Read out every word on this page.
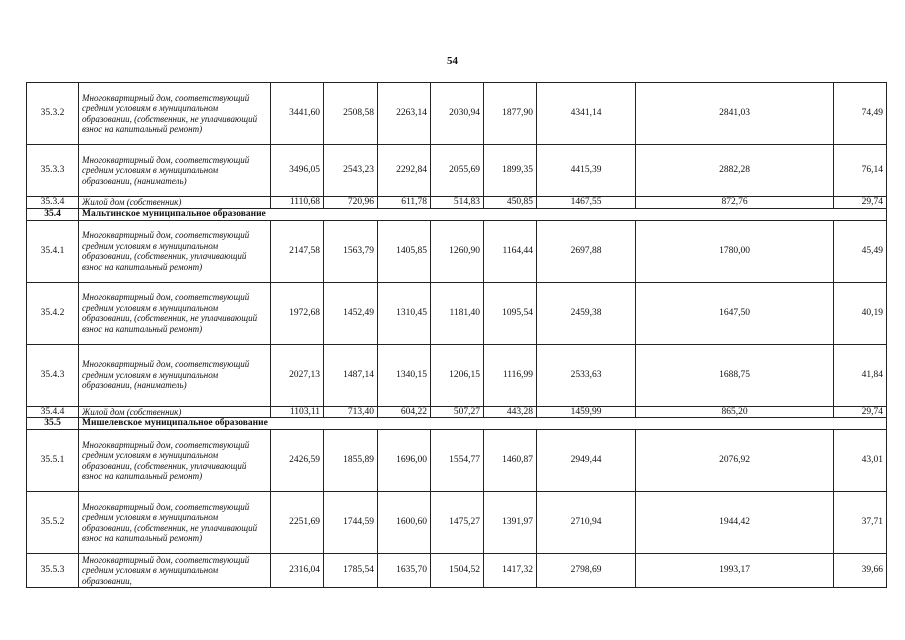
54
35.3.2	Многоквартирный дом, соответствующий средним условиям в муниципальном образовании, (собственник, не уплачивающий взнос на капитальный ремонт)	3441,60	2508,58	2263,14	2030,94	1877,90	4341,14	2841,03	74,49
35.3.3	Многоквартирный дом, соответствующий средним условиям в муниципальном образовании, (наниматель)	3496,05	2543,23	2292,84	2055,69	1899,35	4415,39	2882,28	76,14
35.3.4	Жилой дом (собственник)	1110,68	720,96	611,78	514,83	450,85	1467,55	872,76	29,74
35.4	Мальтинское муниципальное образование								
35.4.1	Многоквартирный дом, соответствующий средним условиям в муниципальном образовании, (собственник, уплачивающий взнос на капитальный ремонт)	2147,58	1563,79	1405,85	1260,90	1164,44	2697,88	1780,00	45,49
35.4.2	Многоквартирный дом, соответствующий средним условиям в муниципальном образовании, (собственник, не уплачивающий взнос на капитальный ремонт)	1972,68	1452,49	1310,45	1181,40	1095,54	2459,38	1647,50	40,19
35.4.3	Многоквартирный дом, соответствующий средним условиям в муниципальном образовании, (наниматель)	2027,13	1487,14	1340,15	1206,15	1116,99	2533,63	1688,75	41,84
35.4.4	Жилой дом (собственник)	1103,11	713,40	604,22	507,27	443,28	1459,99	865,20	29,74
35.5	Мишелевское муниципальное образование								
35.5.1	Многоквартирный дом, соответствующий средним условиям в муниципальном образовании, (собственник, уплачивающий взнос на капитальный ремонт)	2426,59	1855,89	1696,00	1554,77	1460,87	2949,44	2076,92	43,01
35.5.2	Многоквартирный дом, соответствующий средним условиям в муниципальном образовании, (собственник, не уплачивающий взнос на капитальный ремонт)	2251,69	1744,59	1600,60	1475,27	1391,97	2710,94	1944,42	37,71
35.5.3	Многоквартирный дом, соответствующий средним условиям в муниципальном образовании,	2316,04	1785,54	1635,70	1504,52	1417,32	2798,69	1993,17	39,66
